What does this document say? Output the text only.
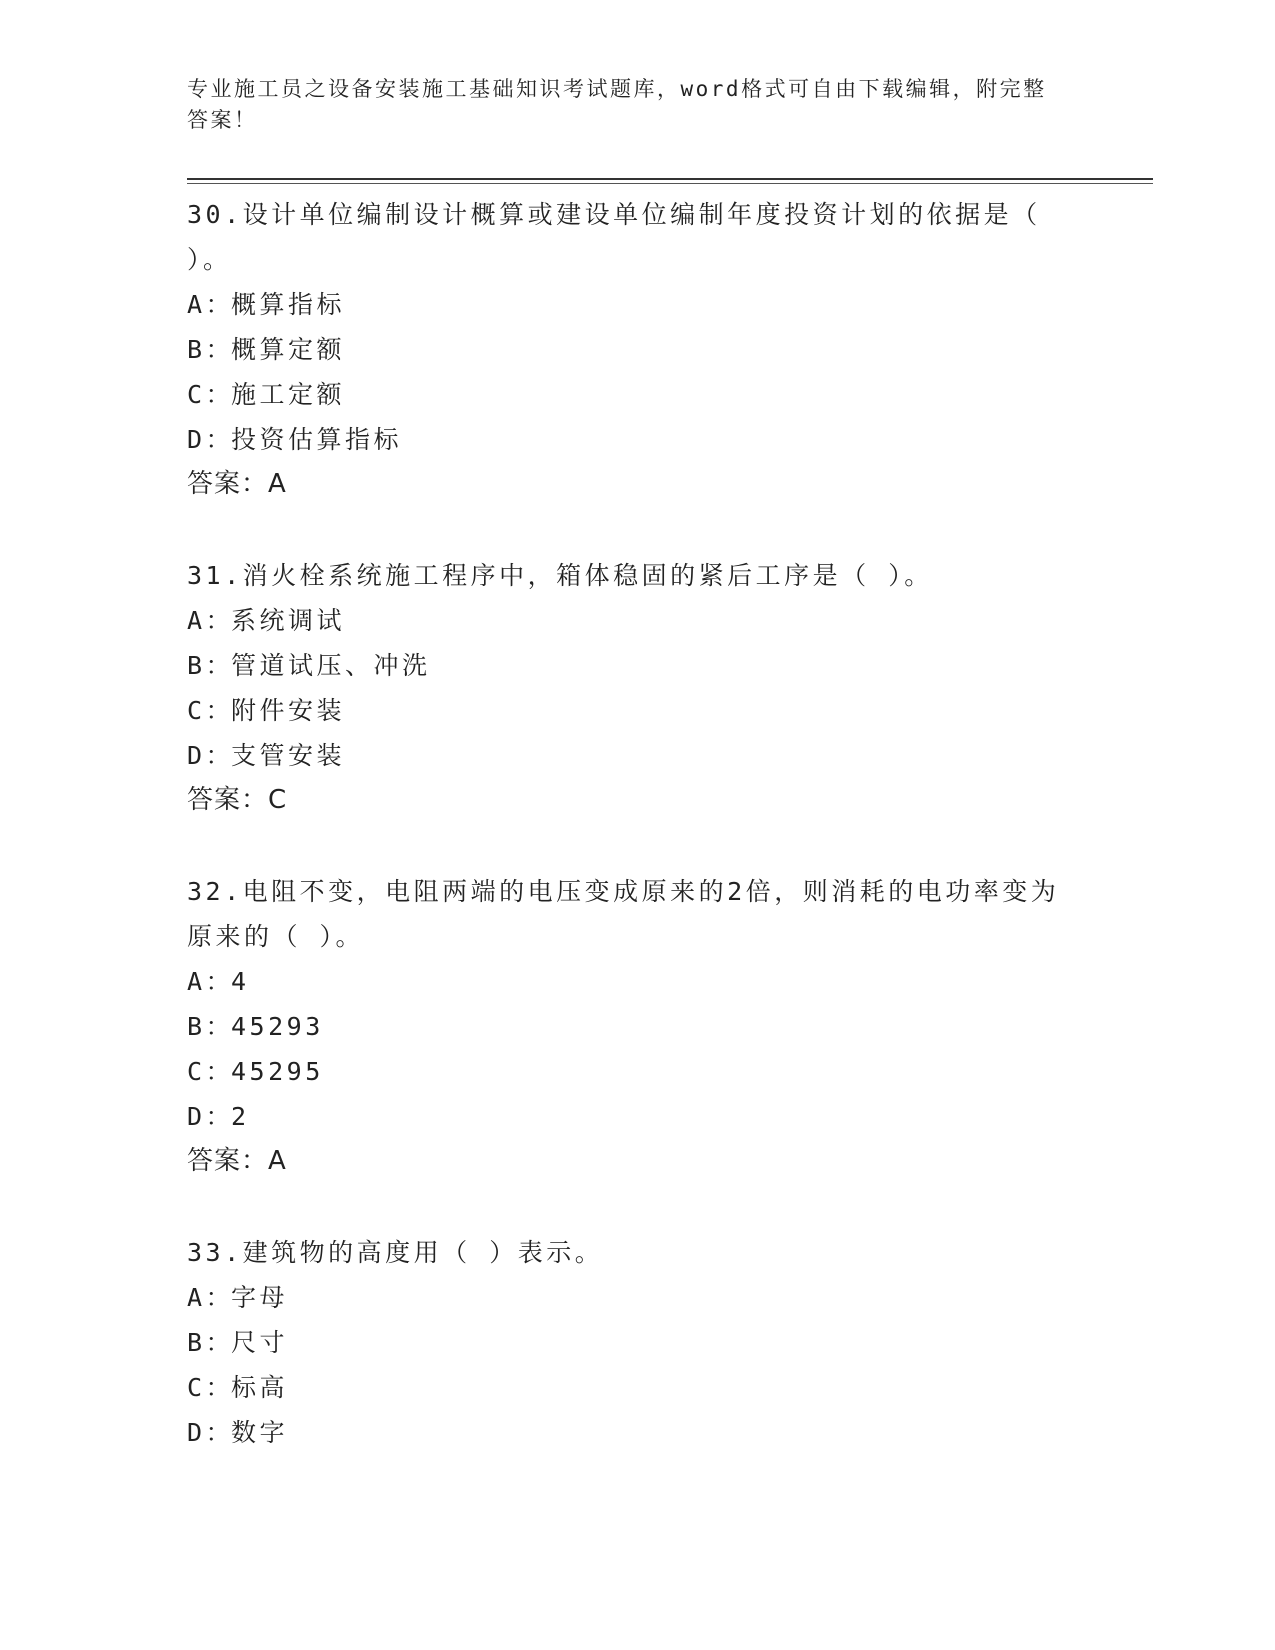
专业施工员之设备安装施工基础知识考试题库，word格式可自由下载编辑，附完整答案！

30.设计单位编制设计概算或建设单位编制年度投资计划的依据是（ ）。

A：概算指标

B：概算定额

C：施工定额

D：投资估算指标

答案：A

31.消火栓系统施工程序中，箱体稳固的紧后工序是（ ）。

A：系统调试

B：管道试压、冲洗

C：附件安装

D：支管安装

答案：C

32.电阻不变，电阻两端的电压变成原来的2倍，则消耗的电功率变为原来的（ ）。

A：4

B：45293

C：45295

D：2

答案：A

33.建筑物的高度用（ ）表示。

A：字母

B：尺寸

C：标高

D：数字
